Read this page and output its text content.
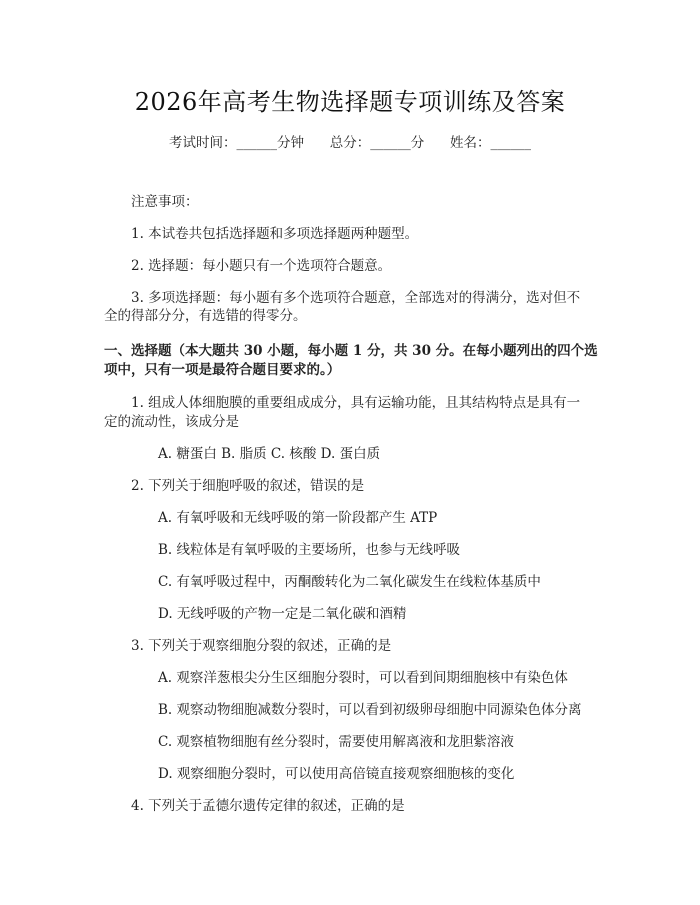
2026年高考生物选择题专项训练及答案
考试时间：______分钟      总分：______分      姓名：______
注意事项：
1. 本试卷共包括选择题和多项选择题两种题型。
2. 选择题：每小题只有一个选项符合题意。
3. 多项选择题：每小题有多个选项符合题意，全部选对的得满分，选对但不
全的得部分分，有选错的得零分。
一、选择题（本大题共 30 小题，每小题 1 分，共 30 分。在每小题列出的四个选
项中，只有一项是最符合题目要求的。）
1. 组成人体细胞膜的重要组成成分，具有运输功能，且其结构特点是具有一
定的流动性，该成分是
A. 糖蛋白 B. 脂质 C. 核酸 D. 蛋白质
2. 下列关于细胞呼吸的叙述，错误的是
A. 有氧呼吸和无线呼吸的第一阶段都产生 ATP
B. 线粒体是有氧呼吸的主要场所，也参与无线呼吸
C. 有氧呼吸过程中，丙酮酸转化为二氧化碳发生在线粒体基质中
D. 无线呼吸的产物一定是二氧化碳和酒精
3. 下列关于观察细胞分裂的叙述，正确的是
A. 观察洋葱根尖分生区细胞分裂时，可以看到间期细胞核中有染色体
B. 观察动物细胞减数分裂时，可以看到初级卵母细胞中同源染色体分离
C. 观察植物细胞有丝分裂时，需要使用解离液和龙胆紫溶液
D. 观察细胞分裂时，可以使用高倍镜直接观察细胞核的变化
4. 下列关于孟德尔遗传定律的叙述，正确的是
